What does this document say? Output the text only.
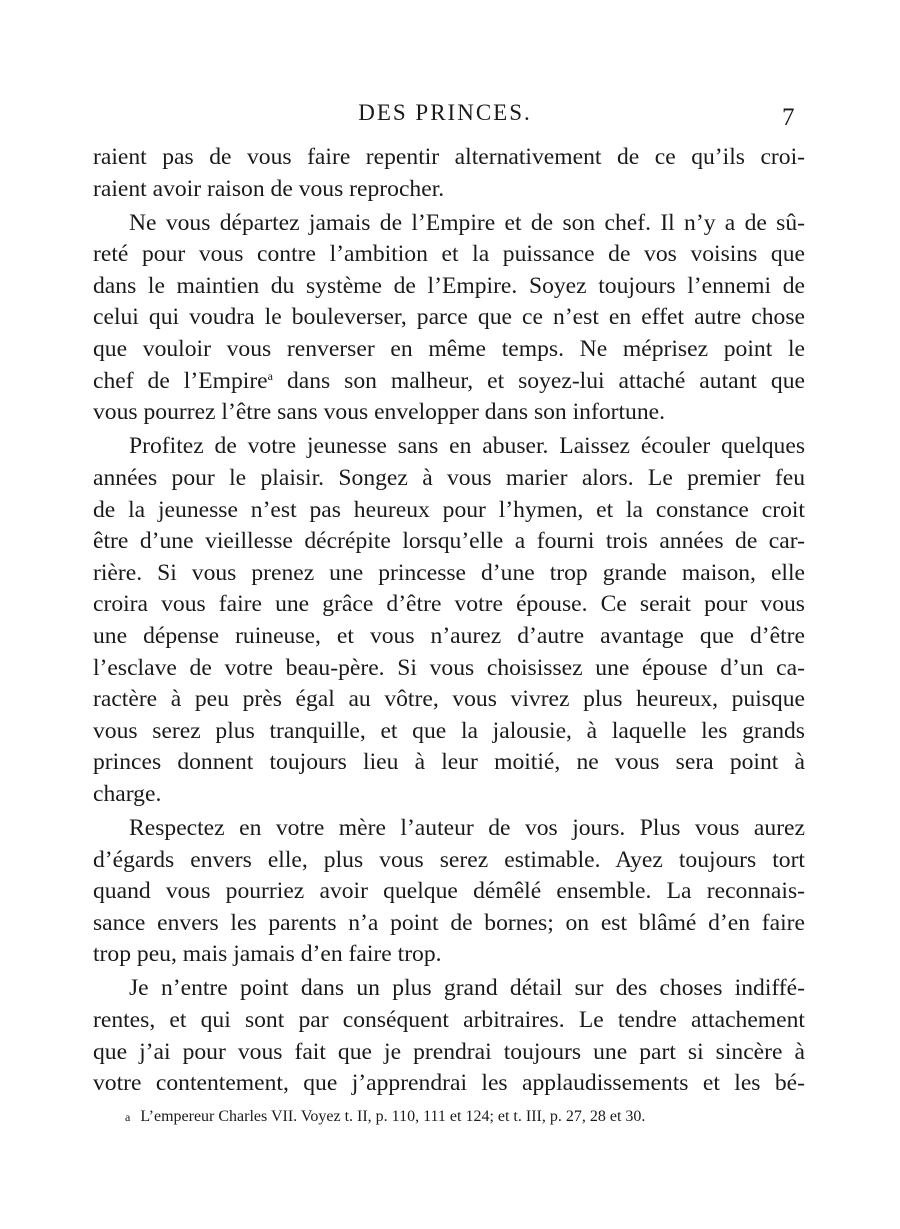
DES PRINCES.	7
raient pas de vous faire repentir alternativement de ce qu’ils croi-
raient avoir raison de vous reprocher.
Ne vous départez jamais de l’Empire et de son chef. Il n’y a de sû-
reté pour vous contre l’ambition et la puissance de vos voisins que
dans le maintien du système de l’Empire. Soyez toujours l’ennemi de
celui qui voudra le bouleverser, parce que ce n’est en effet autre chose
que vouloir vous renverser en même temps. Ne méprisez point le
chef de l’Empire$^a$ dans son malheur, et soyez-lui attaché autant que
vous pourrez l’être sans vous envelopper dans son infortune.
Profitez de votre jeunesse sans en abuser. Laissez écouler quelques
années pour le plaisir. Songez à vous marier alors. Le premier feu
de la jeunesse n’est pas heureux pour l’hymen, et la constance croit
être d’une vieillesse décrépite lorsqu’elle a fourni trois années de car-
rière. Si vous prenez une princesse d’une trop grande maison, elle
croira vous faire une grâce d’être votre épouse. Ce serait pour vous
une dépense ruineuse, et vous n’aurez d’autre avantage que d’être
l’esclave de votre beau-père. Si vous choisissez une épouse d’un ca-
ractère à peu près égal au vôtre, vous vivrez plus heureux, puisque
vous serez plus tranquille, et que la jalousie, à laquelle les grands
princes donnent toujours lieu à leur moitié, ne vous sera point à
charge.
Respectez en votre mère l’auteur de vos jours. Plus vous aurez
d’égards envers elle, plus vous serez estimable. Ayez toujours tort
quand vous pourriez avoir quelque démêlé ensemble. La reconnais-
sance envers les parents n’a point de bornes; on est blâmé d’en faire
trop peu, mais jamais d’en faire trop.
Je n’entre point dans un plus grand détail sur des choses indiffé-
rentes, et qui sont par conséquent arbitraires. Le tendre attachement
que j’ai pour vous fait que je prendrai toujours une part si sincère à
votre contentement, que j’apprendrai les applaudissements et les bé-
a L’empereur Charles VII. Voyez t. II, p. 110, 111 et 124; et t. III, p. 27, 28 et 30.
